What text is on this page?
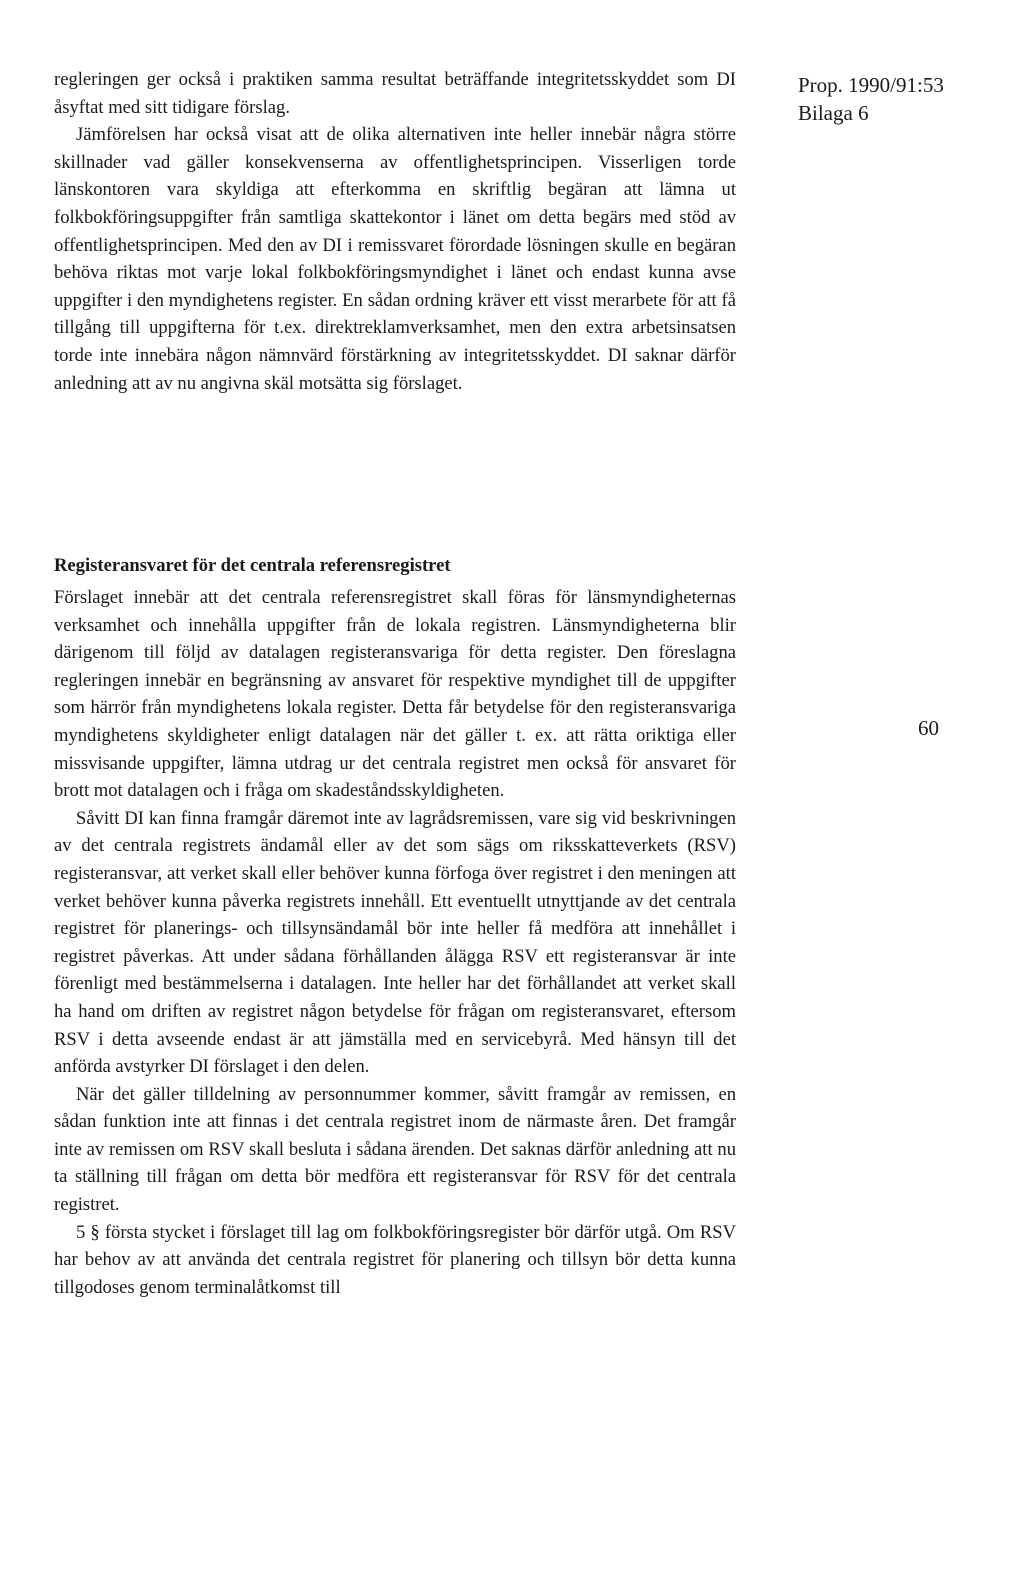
Prop. 1990/91:53
Bilaga 6

regleringen ger också i praktiken samma resultat beträffande integritetsskyddet som DI åsyftat med sitt tidigare förslag.

Jämförelsen har också visat att de olika alternativen inte heller innebär några större skillnader vad gäller konsekvenserna av offentlighetsprincipen. Visserligen torde länskontoren vara skyldiga att efterkomma en skriftlig begäran att lämna ut folkbokföringsuppgifter från samtliga skattekontor i länet om detta begärs med stöd av offentlighetsprincipen. Med den av DI i remissvaret förordade lösningen skulle en begäran behöva riktas mot varje lokal folkbokföringsmyndighet i länet och endast kunna avse uppgifter i den myndighetens register. En sådan ordning kräver ett visst merarbete för att få tillgång till uppgifterna för t.ex. direktreklamverksamhet, men den extra arbetsinsatsen torde inte innebära någon nämnvärd förstärkning av integritetsskyddet. DI saknar därför anledning att av nu angivna skäl motsätta sig förslaget.

Registeransvaret för det centrala referensregistret

Förslaget innebär att det centrala referensregistret skall föras för länsmyndigheternas verksamhet och innehålla uppgifter från de lokala registren. Länsmyndigheterna blir därigenom till följd av datalagen registeransvariga för detta register. Den föreslagna regleringen innebär en begränsning av ansvaret för respektive myndighet till de uppgifter som härrör från myndighetens lokala register. Detta får betydelse för den registeransvariga myndighetens skyldigheter enligt datalagen när det gäller t. ex. att rätta oriktiga eller missvisande uppgifter, lämna utdrag ur det centrala registret men också för ansvaret för brott mot datalagen och i fråga om skadeståndsskyldigheten.

Såvitt DI kan finna framgår däremot inte av lagrådsremissen, vare sig vid beskrivningen av det centrala registrets ändamål eller av det som sägs om riksskatteverkets (RSV) registeransvar, att verket skall eller behöver kunna förfoga över registret i den meningen att verket behöver kunna påverka registrets innehåll. Ett eventuellt utnyttjande av det centrala registret för planerings- och tillsynsändamål bör inte heller få medföra att innehållet i registret påverkas. Att under sådana förhållanden ålägga RSV ett registeransvar är inte förenligt med bestämmelserna i datalagen. Inte heller har det förhållandet att verket skall ha hand om driften av registret någon betydelse för frågan om registeransvaret, eftersom RSV i detta avseende endast är att jämställa med en servicebyrå. Med hänsyn till det anförda avstyrker DI förslaget i den delen.

När det gäller tilldelning av personnummer kommer, såvitt framgår av remissen, en sådan funktion inte att finnas i det centrala registret inom de närmaste åren. Det framgår inte av remissen om RSV skall besluta i sådana ärenden. Det saknas därför anledning att nu ta ställning till frågan om detta bör medföra ett registeransvar för RSV för det centrala registret.

5 § första stycket i förslaget till lag om folkbokföringsregister bör därför utgå. Om RSV har behov av att använda det centrala registret för planering och tillsyn bör detta kunna tillgodoses genom terminalåtkomst till

60
